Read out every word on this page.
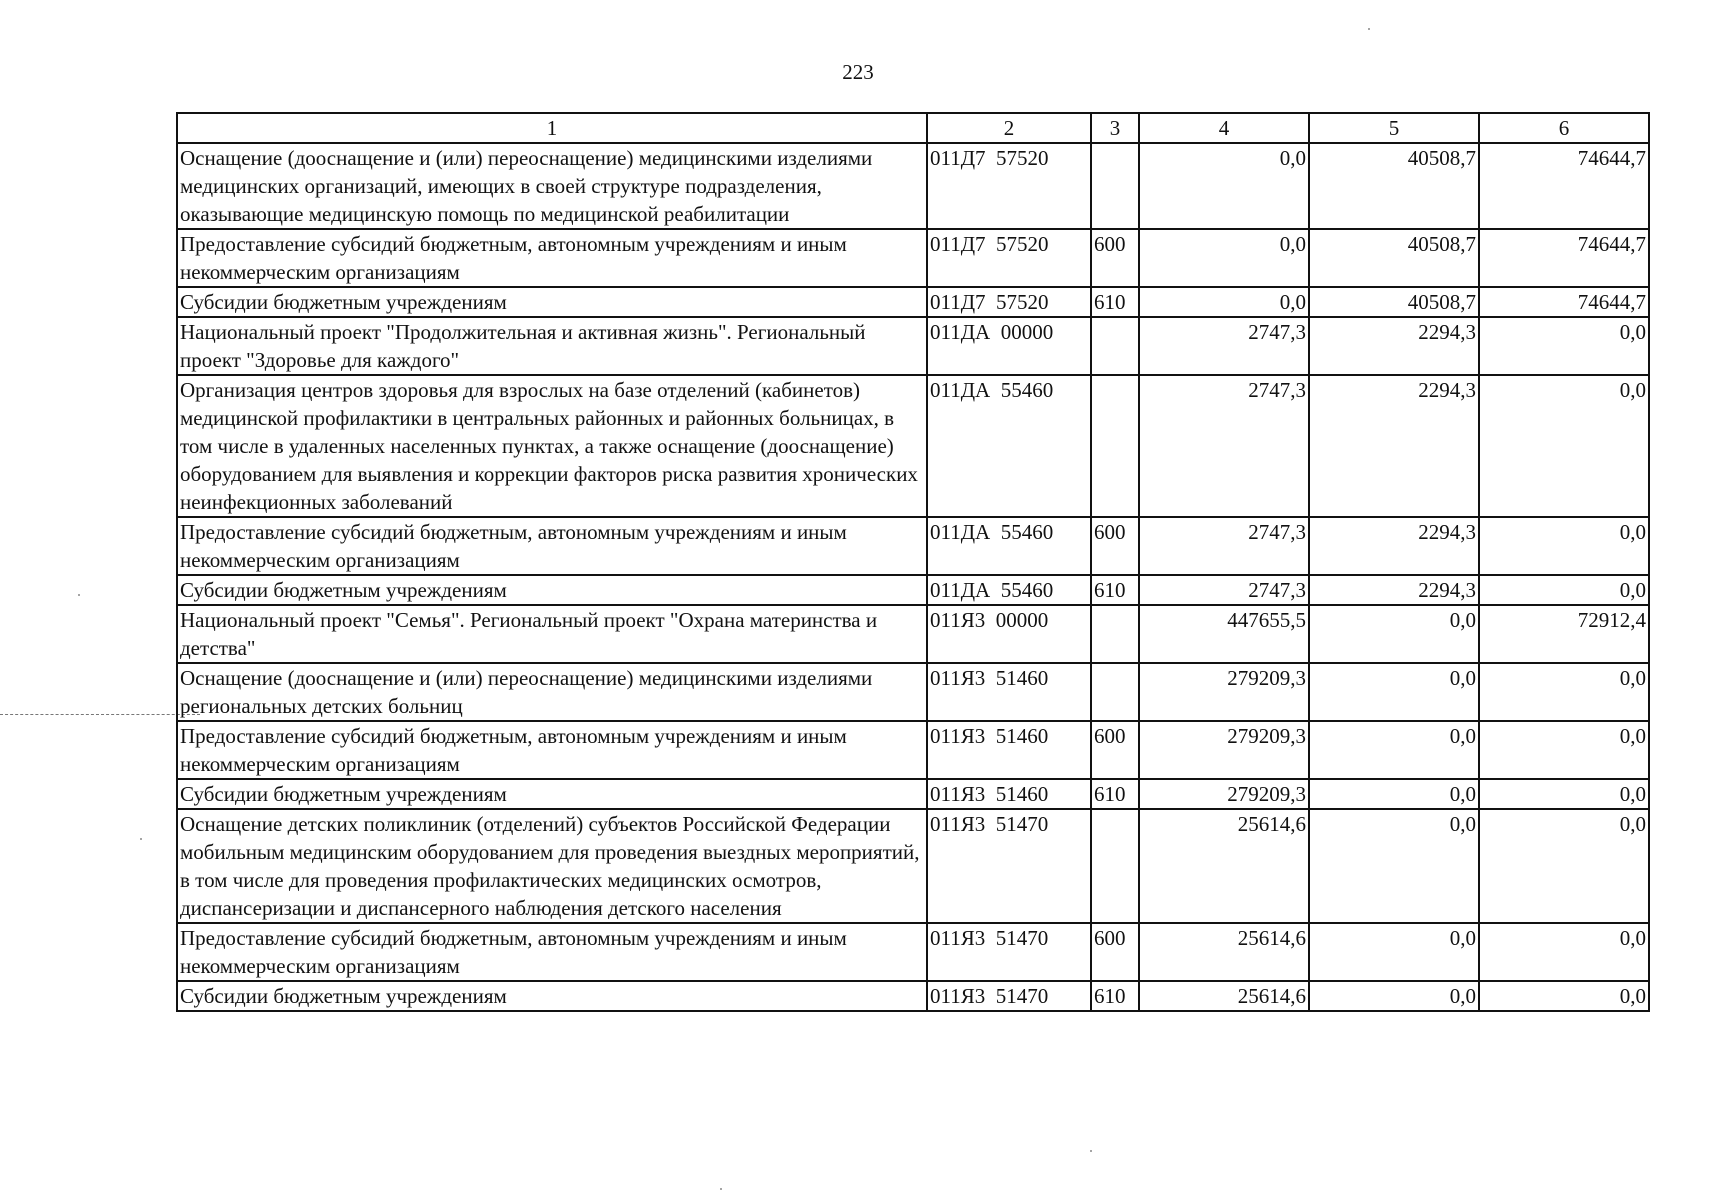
223
1	2	3	4	5	6
Оснащение (дооснащение и (или) переоснащение) медицинскими изделиями медицинских организаций, имеющих в своей структуре подразделения, оказывающие медицинскую помощь по медицинской реабилитации	011Д7  57520		0,0	40508,7	74644,7
Предоставление субсидий бюджетным, автономным учреждениям и иным некоммерческим организациям	011Д7  57520	600	0,0	40508,7	74644,7
Субсидии бюджетным учреждениям	011Д7  57520	610	0,0	40508,7	74644,7
Национальный проект "Продолжительная и активная жизнь". Региональный проект "Здоровье для каждого"	011ДА  00000		2747,3	2294,3	0,0
Организация центров здоровья для взрослых на базе отделений (кабинетов) медицинской профилактики в центральных районных и районных больницах, в том числе в удаленных населенных пунктах, а также оснащение (дооснащение) оборудованием для выявления и коррекции факторов риска развития хронических неинфекционных заболеваний	011ДА  55460		2747,3	2294,3	0,0
Предоставление субсидий бюджетным, автономным учреждениям и иным некоммерческим организациям	011ДА  55460	600	2747,3	2294,3	0,0
Субсидии бюджетным учреждениям	011ДА  55460	610	2747,3	2294,3	0,0
Национальный проект "Семья". Региональный проект "Охрана материнства и детства"	011Я3  00000		447655,5	0,0	72912,4
Оснащение (дооснащение и (или) переоснащение) медицинскими изделиями региональных детских больниц	011Я3  51460		279209,3	0,0	0,0
Предоставление субсидий бюджетным, автономным учреждениям и иным некоммерческим организациям	011Я3  51460	600	279209,3	0,0	0,0
Субсидии бюджетным учреждениям	011Я3  51460	610	279209,3	0,0	0,0
Оснащение детских поликлиник (отделений) субъектов Российской Федерации мобильным медицинским оборудованием для проведения выездных мероприятий, в том числе для проведения профилактических медицинских осмотров, диспансеризации и диспансерного наблюдения детского населения	011Я3  51470		25614,6	0,0	0,0
Предоставление субсидий бюджетным, автономным учреждениям и иным некоммерческим организациям	011Я3  51470	600	25614,6	0,0	0,0
Субсидии бюджетным учреждениям	011Я3  51470	610	25614,6	0,0	0,0
